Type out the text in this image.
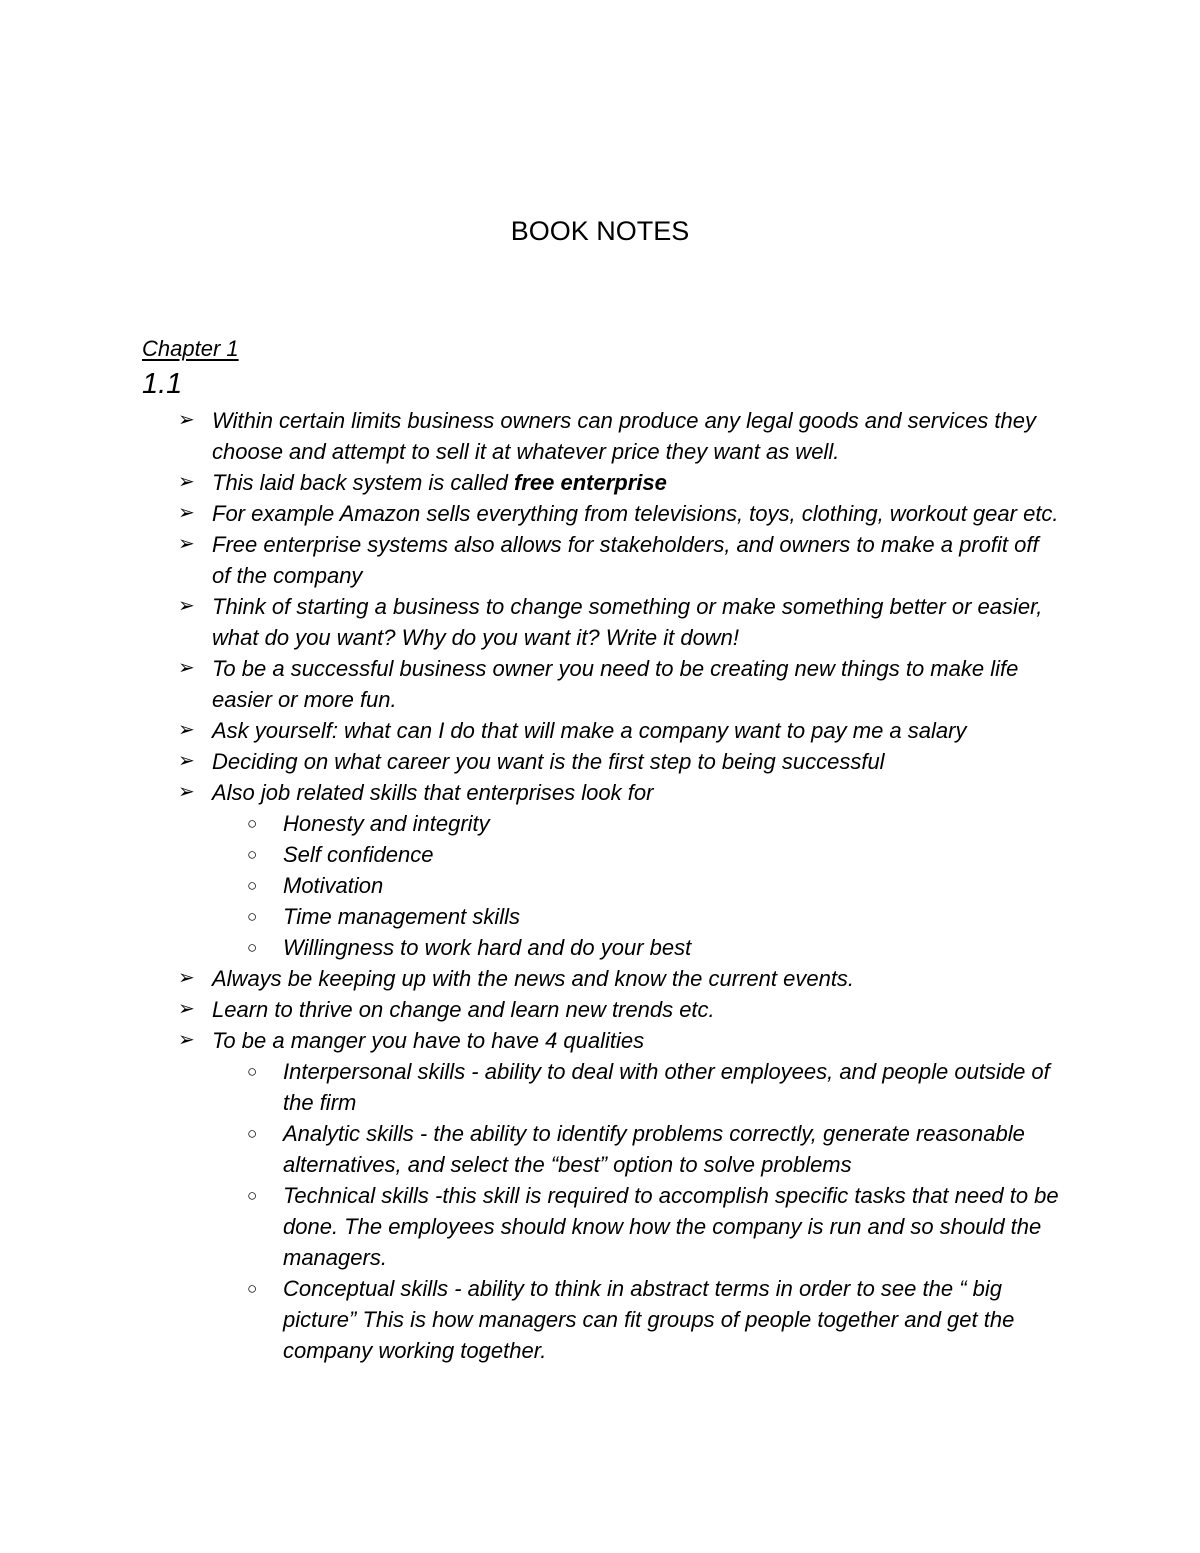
BOOK NOTES
Chapter 1
1.1
➢ Within certain limits business owners can produce any legal goods and services they choose and attempt to sell it at whatever price they want as well.
➢ This laid back system is called free enterprise
➢ For example Amazon sells everything from televisions, toys, clothing, workout gear etc.
➢ Free enterprise systems also allows for stakeholders, and owners to make a profit off of the company
➢ Think of starting a business to change something or make something better or easier, what do you want? Why do you want it? Write it down!
➢ To be a successful business owner you need to be creating new things to make life easier or more fun.
➢ Ask yourself: what can I do that will make a company want to pay me a salary
➢ Deciding on what career you want is the first step to being successful
➢ Also job related skills that enterprises look for
○ Honesty and integrity
○ Self confidence
○ Motivation
○ Time management skills
○ Willingness to work hard and do your best
➢ Always be keeping up with the news and know the current events.
➢ Learn to thrive on change and learn new trends etc.
➢ To be a manger you have to have 4 qualities
○ Interpersonal skills - ability to deal with other employees, and people outside of the firm
○ Analytic skills - the ability to identify problems correctly, generate reasonable alternatives, and select the “best” option to solve problems
○ Technical skills -this skill is required to accomplish specific tasks that need to be done. The employees should know how the company is run and so should the managers.
○ Conceptual skills - ability to think in abstract terms in order to see the “ big picture” This is how managers can fit groups of people together and get the company working together.
